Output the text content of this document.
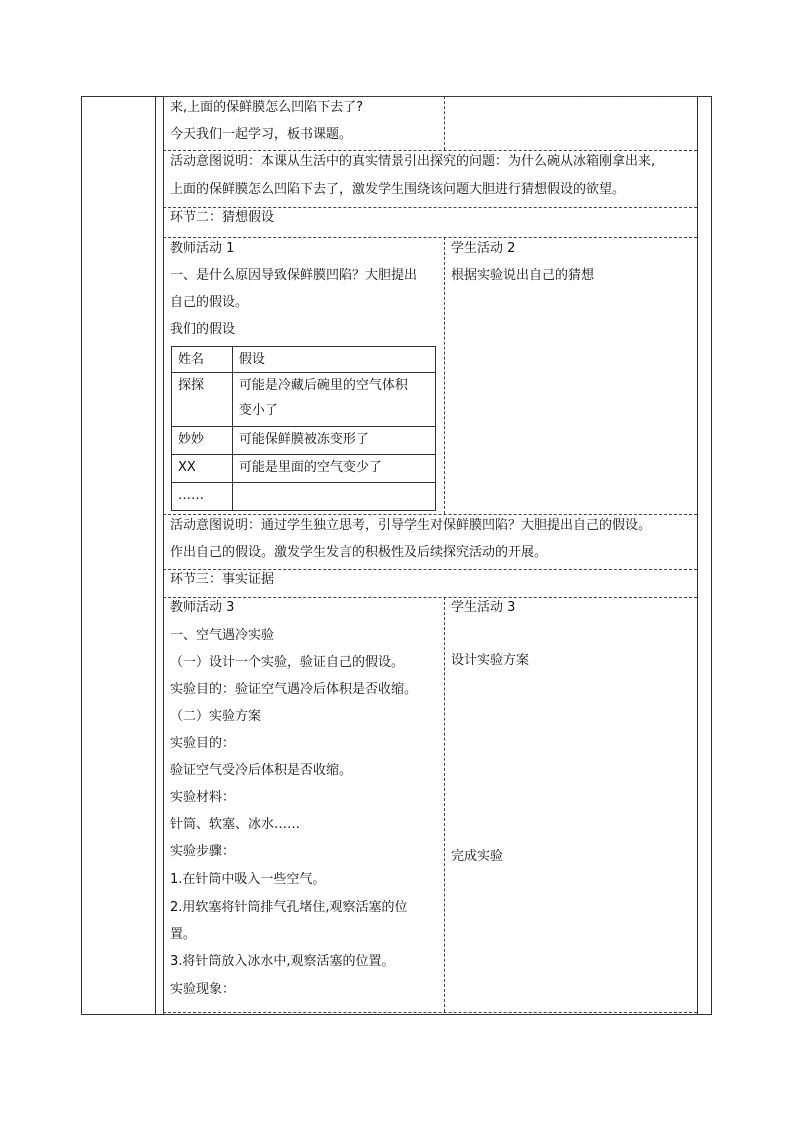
来,上面的保鲜膜怎么凹陷下去了?
今天我们一起学习，板书课题。
活动意图说明：本课从生活中的真实情景引出探究的问题：为什么碗从冰箱刚拿出来,
上面的保鲜膜怎么凹陷下去了，激发学生围绕该问题大胆进行猜想假设的欲望。
环节二：猜想假设
教师活动 1
一、是什么原因导致保鲜膜凹陷？大胆提出
自己的假设。
我们的假设
学生活动 2
根据实验说出自己的猜想
姓名	假设
探探	可能是冷藏后碗里的空气体积
变小了

妙妙	可能保鲜膜被冻变形了
XX	可能是里面的空气变少了
……	
活动意图说明：通过学生独立思考，引导学生对保鲜膜凹陷？大胆提出自己的假设。
作出自己的假设。激发学生发言的积极性及后续探究活动的开展。
环节三：事实证据
教师活动 3
一、空气遇冷实验
（一）设计一个实验，验证自己的假设。
实验目的：验证空气遇冷后体积是否收缩。
（二）实验方案
实验目的：
验证空气受冷后体积是否收缩。
实验材料：
针筒、软塞、冰水……
实验步骤：
1.在针筒中吸入一些空气。
2.用软塞将针筒排气孔堵住,观察活塞的位
置。
3.将针筒放入冰水中,观察活塞的位置。
实验现象：
学生活动 3
设计实验方案
完成实验
